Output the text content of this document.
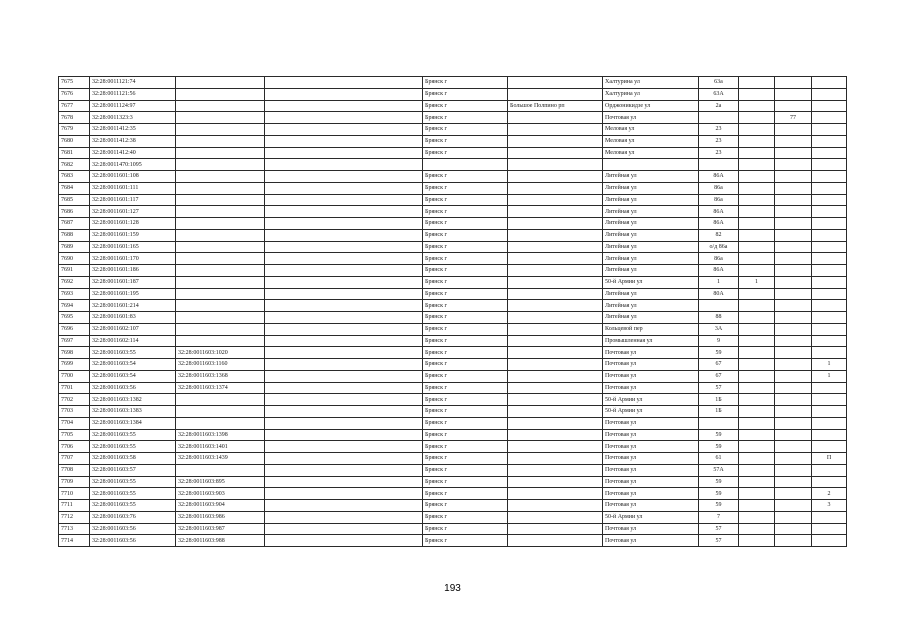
7675	32:28:0011121:74			Брянск г		Халтурина ул	63а			
7676	32:28:0011121:56			Брянск г		Халтурина ул	63А			
7677	32:28:0011124:97			Брянск г	Большое Полпино рп	Орджоникидзе ул	2а			
7678	32:28:0011323:3			Брянск г		Почтовая ул			77	
7679	32:28:0011412:35			Брянск г		Меловая ул	23			
7680	32:28:0011412:38			Брянск г		Меловая ул	23			
7681	32:28:0011412:40			Брянск г		Меловая ул	23			
7682	32:28:0011470:1095									
7683	32:28:0011601:108			Брянск г		Литейная ул	86А			
7684	32:28:0011601:111			Брянск г		Литейная ул	86а			
7685	32:28:0011601:117			Брянск г		Литейная ул	86а			
7686	32:28:0011601:127			Брянск г		Литейная ул	86А			
7687	32:28:0011601:128			Брянск г		Литейная ул	86А			
7688	32:28:0011601:159			Брянск г		Литейная ул	82			
7689	32:28:0011601:165			Брянск г		Литейная ул	о/д 86а			
7690	32:28:0011601:170			Брянск г		Литейная ул	86а			
7691	32:28:0011601:186			Брянск г		Литейная ул	86А			
7692	32:28:0011601:187			Брянск г		50-й Армии ул	1	1		
7693	32:28:0011601:195			Брянск г		Литейная ул	80А			
7694	32:28:0011601:214			Брянск г		Литейная ул				
7695	32:28:0011601:83			Брянск г		Литейная ул	88			
7696	32:28:0011602:107			Брянск г		Кольцевой пер	3А			
7697	32:28:0011602:114			Брянск г		Промышленная ул	9			
7698	32:28:0011603:55	32:28:0011603:1020		Брянск г		Почтовая ул	59			
7699	32:28:0011603:54	32:28:0011603:1160		Брянск г		Почтовая ул	67			1
7700	32:28:0011603:54	32:28:0011603:1368		Брянск г		Почтовая ул	67			1
7701	32:28:0011603:56	32:28:0011603:1374		Брянск г		Почтовая ул	57			
7702	32:28:0011603:1382			Брянск г		50-й Армии ул	1Б			
7703	32:28:0011603:1383			Брянск г		50-й Армии ул	1Б			
7704	32:28:0011603:1384			Брянск г		Почтовая ул				
7705	32:28:0011603:55	32:28:0011603:1398		Брянск г		Почтовая ул	59			
7706	32:28:0011603:55	32:28:0011603:1401		Брянск г		Почтовая ул	59			
7707	32:28:0011603:58	32:28:0011603:1439		Брянск г		Почтовая ул	61			П
7708	32:28:0011603:57			Брянск г		Почтовая ул	57А			
7709	32:28:0011603:55	32:28:0011603:895		Брянск г		Почтовая ул	59			
7710	32:28:0011603:55	32:28:0011603:903		Брянск г		Почтовая ул	59			2
7711	32:28:0011603:55	32:28:0011603:904		Брянск г		Почтовая ул	59			3
7712	32:28:0011603:76	32:28:0011603:986		Брянск г		50-й Армии ул	7			
7713	32:28:0011603:56	32:28:0011603:987		Брянск г		Почтовая ул	57			
7714	32:28:0011603:56	32:28:0011603:988		Брянск г		Почтовая ул	57			
193
